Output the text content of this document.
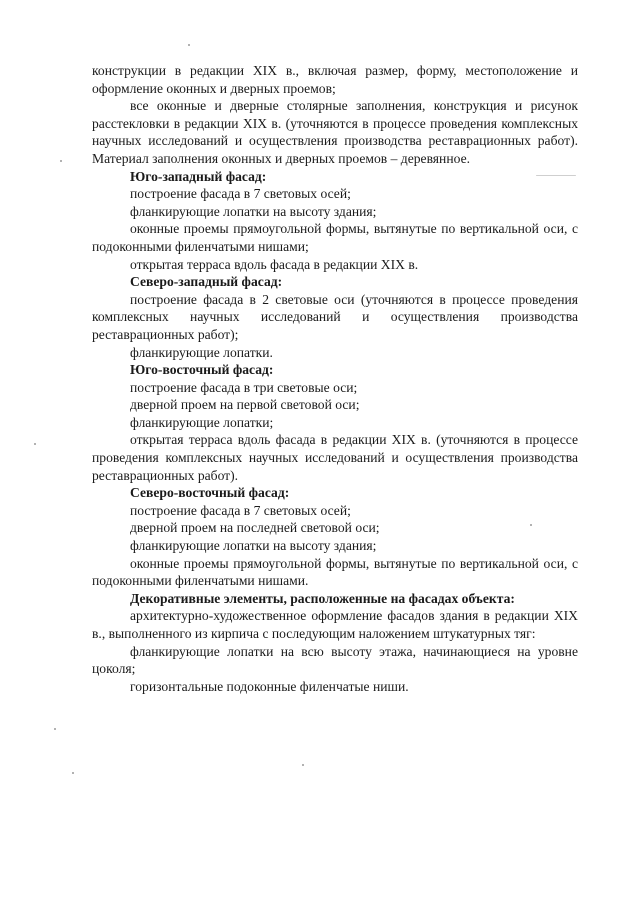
конструкции в редакции XIX в., включая размер, форму, местоположение и оформление оконных и дверных проемов;

все оконные и дверные столярные заполнения, конструкция и рисунок расстекловки в редакции XIX в. (уточняются в процессе проведения комплексных научных исследований и осуществления производства реставрационных работ). Материал заполнения оконных и дверных проемов – деревянное.

Юго-западный фасад:

построение фасада в 7 световых осей;

фланкирующие лопатки на высоту здания;

оконные проемы прямоугольной формы, вытянутые по вертикальной оси, с подоконными филенчатыми нишами;

открытая терраса вдоль фасада в редакции XIX в.

Северо-западный фасад:

построение фасада в 2 световые оси (уточняются в процессе проведения комплексных научных исследований и осуществления производства реставрационных работ);

фланкирующие лопатки.

Юго-восточный фасад:

построение фасада в три световые оси;

дверной проем на первой световой оси;

фланкирующие лопатки;

открытая терраса вдоль фасада в редакции XIX в. (уточняются в процессе проведения комплексных научных исследований и осуществления производства реставрационных работ).

Северо-восточный фасад:

построение фасада в 7 световых осей;

дверной проем на последней световой оси;

фланкирующие лопатки на высоту здания;

оконные проемы прямоугольной формы, вытянутые по вертикальной оси, с подоконными филенчатыми нишами.

Декоративные элементы, расположенные на фасадах объекта:

архитектурно-художественное оформление фасадов здания в редакции XIX в., выполненного из кирпича с последующим наложением штукатурных тяг:

фланкирующие лопатки на всю высоту этажа, начинающиеся на уровне цоколя;

горизонтальные подоконные филенчатые ниши.
